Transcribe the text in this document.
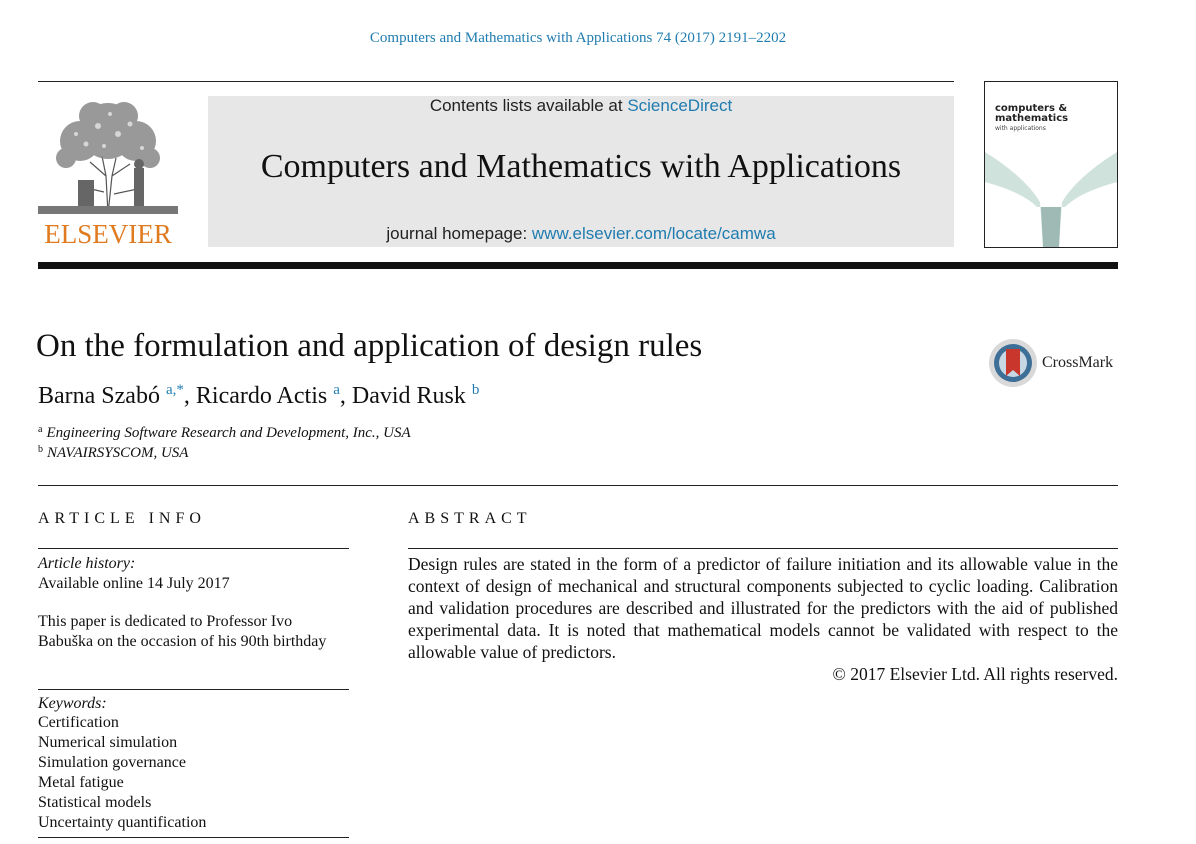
Computers and Mathematics with Applications 74 (2017) 2191–2202
ELSEVIER
Contents lists available at ScienceDirect
Computers and Mathematics with Applications
journal homepage: www.elsevier.com/locate/camwa
computers &
mathematics
with applications
On the formulation and application of design rules
Barna Szabó $^{a,*}$, Ricardo Actis $^a$, David Rusk $^b$
$^a$ Engineering Software Research and Development, Inc., USA
$^b$ NAVAIRSYSCOM, USA
CrossMark
ARTICLE INFO	ABSTRACT
Article history:
Available online 14 July 2017
This paper is dedicated to Professor Ivo Babuška on the occasion of his 90th birthday
Keywords:
Certification
Numerical simulation
Simulation governance
Metal fatigue
Statistical models
Uncertainty quantification
Design rules are stated in the form of a predictor of failure initiation and its allowable value in the context of design of mechanical and structural components subjected to cyclic loading. Calibration and validation procedures are described and illustrated for the predictors with the aid of published experimental data. It is noted that mathematical models cannot be validated with respect to the allowable value of predictors.
© 2017 Elsevier Ltd. All rights reserved.
